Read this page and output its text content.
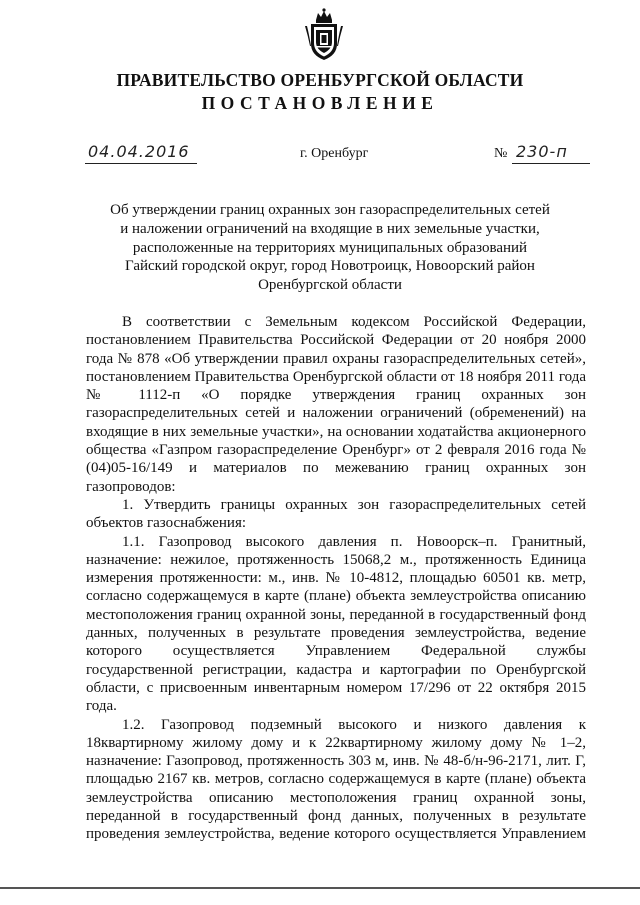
ПРАВИТЕЛЬСТВО ОРЕНБУРГСКОЙ ОБЛАСТИ
ПОСТАНОВЛЕНИЕ
04.04.2016	г. Оренбург	№ 230-п
Об утверждении границ охранных зон газораспределительных сетей
и наложении ограничений на входящие в них земельные участки,
расположенные на территориях муниципальных образований
Гайский городской округ, город Новотроицк, Новоорский район
Оренбургской области

В соответствии с Земельным кодексом Российской Федерации, постановлением Правительства Российской Федерации от 20 ноября 2000 года № 878 «Об утверждении правил охраны газораспределительных сетей», постановлением Правительства Оренбургской области от 18 ноября 2011 года № 1112-п «О порядке утверждения границ охранных зон газораспределительных сетей и наложении ограничений (обременений) на входящие в них земельные участки», на основании ходатайства акционерного общества «Газпром газораспределение Оренбург» от 2 февраля 2016 года № (04)05-16/149 и материалов по межеванию границ охранных зон газопроводов:

1. Утвердить границы охранных зон газораспределительных сетей объектов газоснабжения:

1.1. Газопровод высокого давления п. Новоорск–п. Гранитный, назначение: нежилое, протяженность 15068,2 м., протяженность Единица измерения протяженности: м., инв. № 10-4812, площадью 60501 кв. метр, согласно содержащемуся в карте (плане) объекта землеустройства описанию местоположения границ охранной зоны, переданной в государственный фонд данных, полученных в результате проведения землеустройства, ведение которого осуществляется Управлением Федеральной службы государственной регистрации, кадастра и картографии по Оренбургской области, с присвоенным инвентарным номером 17/296 от 22 октября 2015 года.

1.2. Газопровод подземный высокого и низкого давления к 18квартирному жилому дому и к 22квартирному жилому дому № 1–2, назначение: Газопровод, протяженность 303 м, инв. № 48-б/н-96-2171, лит. Г, площадью 2167 кв. метров, согласно содержащемуся в карте (плане) объекта землеустройства описанию местоположения границ охранной зоны, переданной в государственный фонд данных, полученных в результате проведения землеустройства, ведение которого осуществляется Управлением
